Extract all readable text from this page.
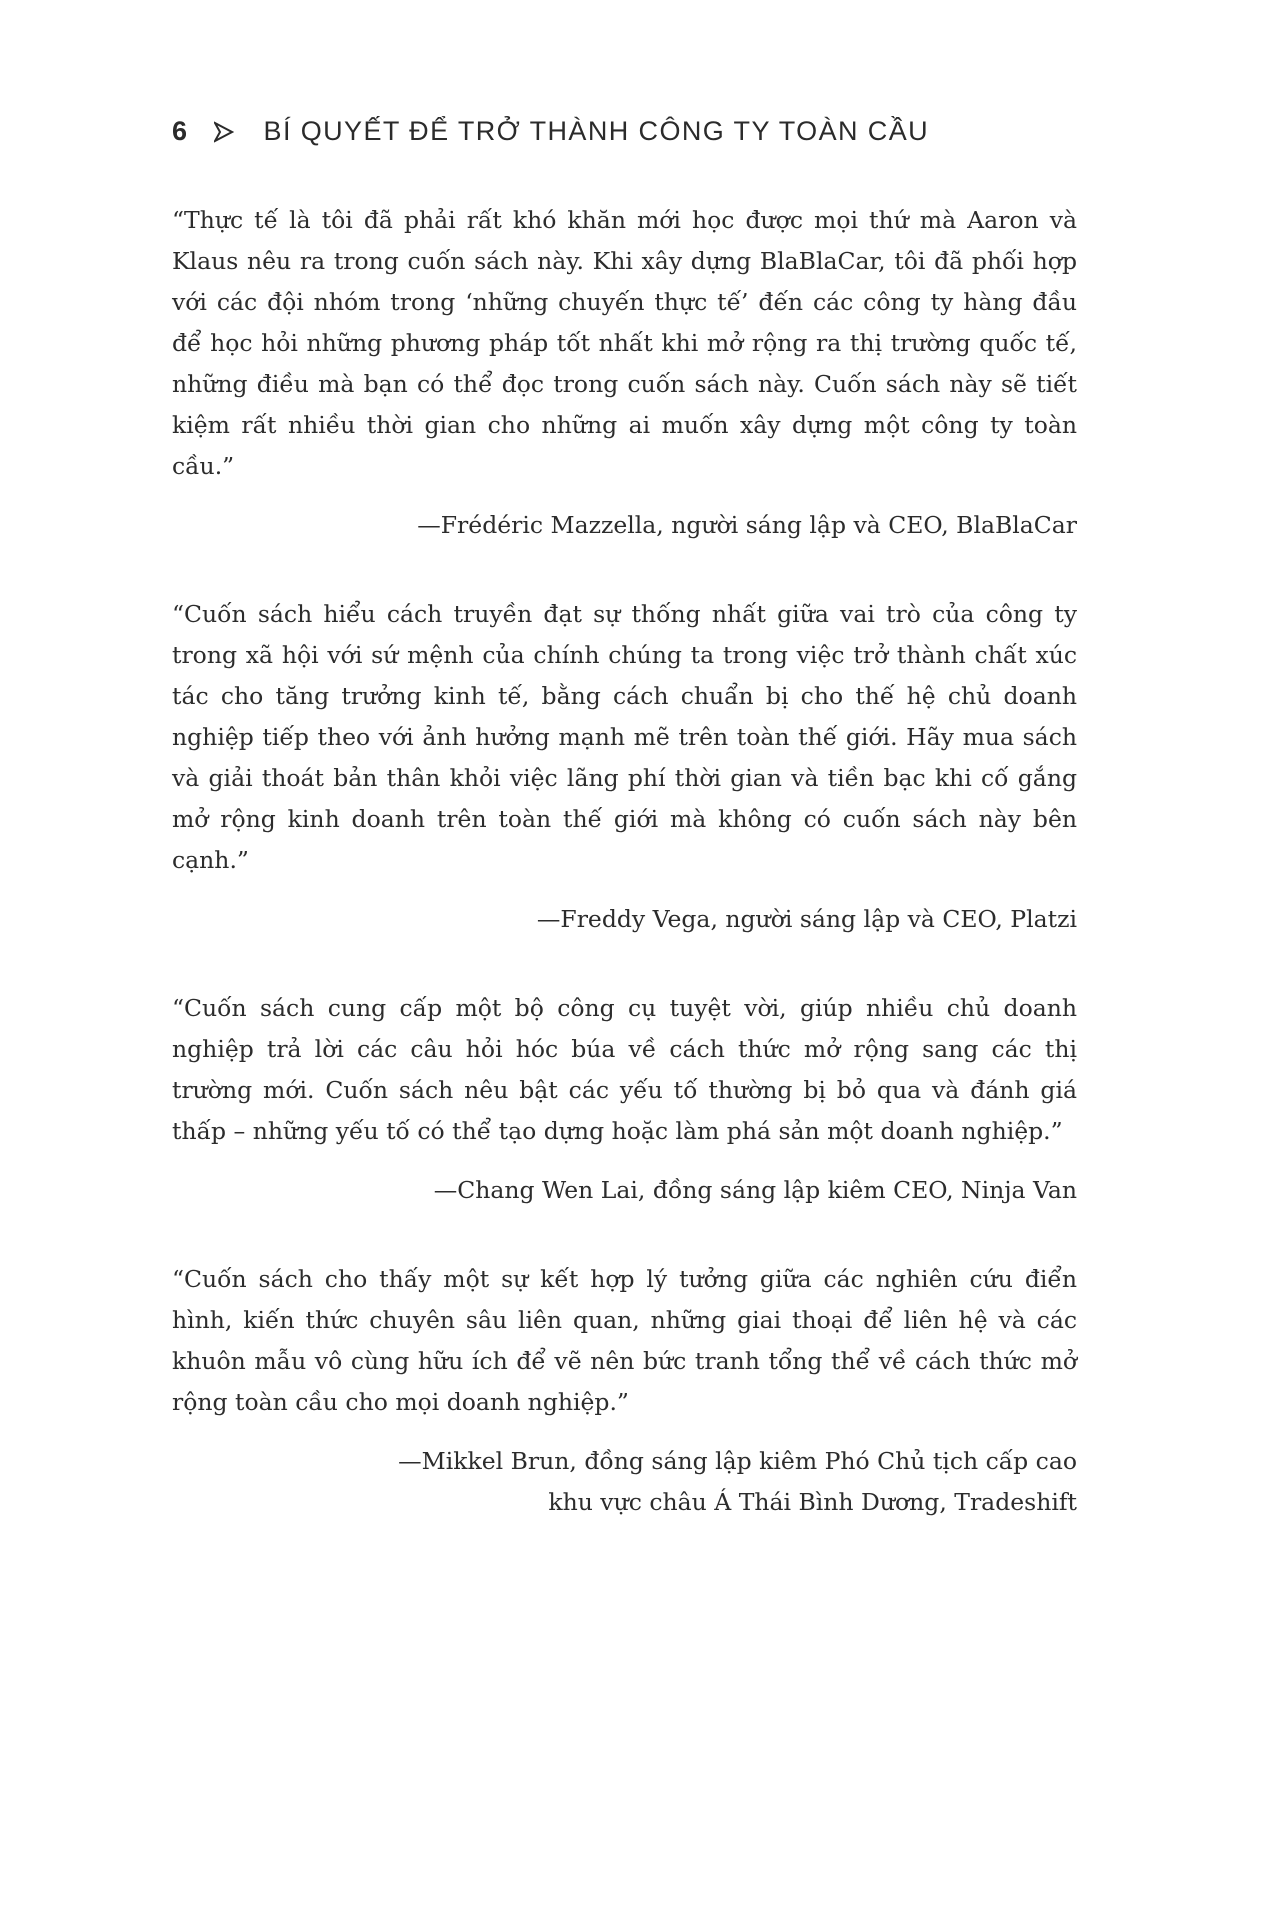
6	BÍ QUYẾT ĐỂ TRỞ THÀNH CÔNG TY TOÀN CẦU

“Thực tế là tôi đã phải rất khó khăn mới học được mọi thứ mà Aaron và Klaus nêu ra trong cuốn sách này. Khi xây dựng BlaBlaCar, tôi đã phối hợp với các đội nhóm trong ‘những chuyến thực tế’ đến các công ty hàng đầu để học hỏi những phương pháp tốt nhất khi mở rộng ra thị trường quốc tế, những điều mà bạn có thể đọc trong cuốn sách này. Cuốn sách này sẽ tiết kiệm rất nhiều thời gian cho những ai muốn xây dựng một công ty toàn cầu.”

—Frédéric Mazzella, người sáng lập và CEO, BlaBlaCar

“Cuốn sách hiểu cách truyền đạt sự thống nhất giữa vai trò của công ty trong xã hội với sứ mệnh của chính chúng ta trong việc trở thành chất xúc tác cho tăng trưởng kinh tế, bằng cách chuẩn bị cho thế hệ chủ doanh nghiệp tiếp theo với ảnh hưởng mạnh mẽ trên toàn thế giới. Hãy mua sách và giải thoát bản thân khỏi việc lãng phí thời gian và tiền bạc khi cố gắng mở rộng kinh doanh trên toàn thế giới mà không có cuốn sách này bên cạnh.”

—Freddy Vega, người sáng lập và CEO, Platzi

“Cuốn sách cung cấp một bộ công cụ tuyệt vời, giúp nhiều chủ doanh nghiệp trả lời các câu hỏi hóc búa về cách thức mở rộng sang các thị trường mới. Cuốn sách nêu bật các yếu tố thường bị bỏ qua và đánh giá thấp – những yếu tố có thể tạo dựng hoặc làm phá sản một doanh nghiệp.”

—Chang Wen Lai, đồng sáng lập kiêm CEO, Ninja Van

“Cuốn sách cho thấy một sự kết hợp lý tưởng giữa các nghiên cứu điển hình, kiến thức chuyên sâu liên quan, những giai thoại để liên hệ và các khuôn mẫu vô cùng hữu ích để vẽ nên bức tranh tổng thể về cách thức mở rộng toàn cầu cho mọi doanh nghiệp.”

—Mikkel Brun, đồng sáng lập kiêm Phó Chủ tịch cấp cao
khu vực châu Á Thái Bình Dương, Tradeshift
